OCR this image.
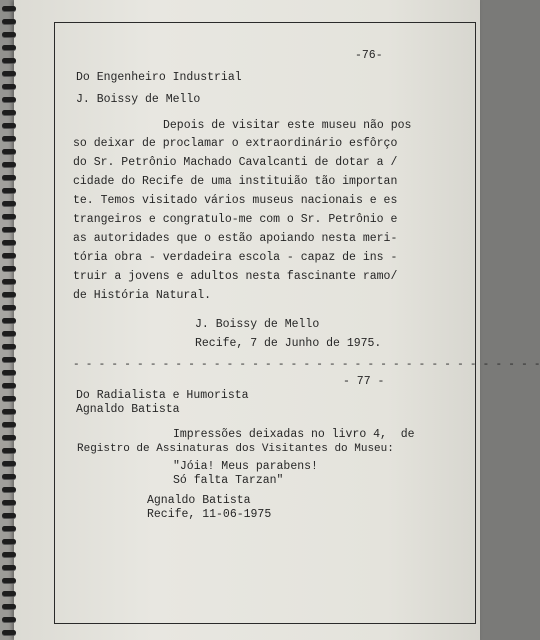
-76-
Do Engenheiro Industrial
J. Boissy de Mello
Depois de visitar este museu não pos
so deixar de proclamar o extraordinário esfôrço
do Sr. Petrônio Machado Cavalcanti de dotar a /
cidade do Recife de uma instituião tão importan
te. Temos visitado vários museus nacionais e es
trangeiros e congratulo-me com o Sr. Petrônio e
as autoridades que o estão apoiando nesta meri-
tória obra - verdadeira escola - capaz de ins -
truir a jovens e adultos nesta fascinante ramo/
de História Natural.
J. Boissy de Mello
Recife, 7 de Junho de 1975.
- - - - - - - - - - - - - - - - - - - - - - - - - - - - - - - - - - - - -
- 77 -
Do Radialista e Humorista
Agnaldo Batista
Impressões deixadas no livro 4,  de
Registro de Assinaturas dos Visitantes do Museu:
"Jóia! Meus parabens!
Só falta Tarzan"
Agnaldo Batista
Recife, 11-06-1975
